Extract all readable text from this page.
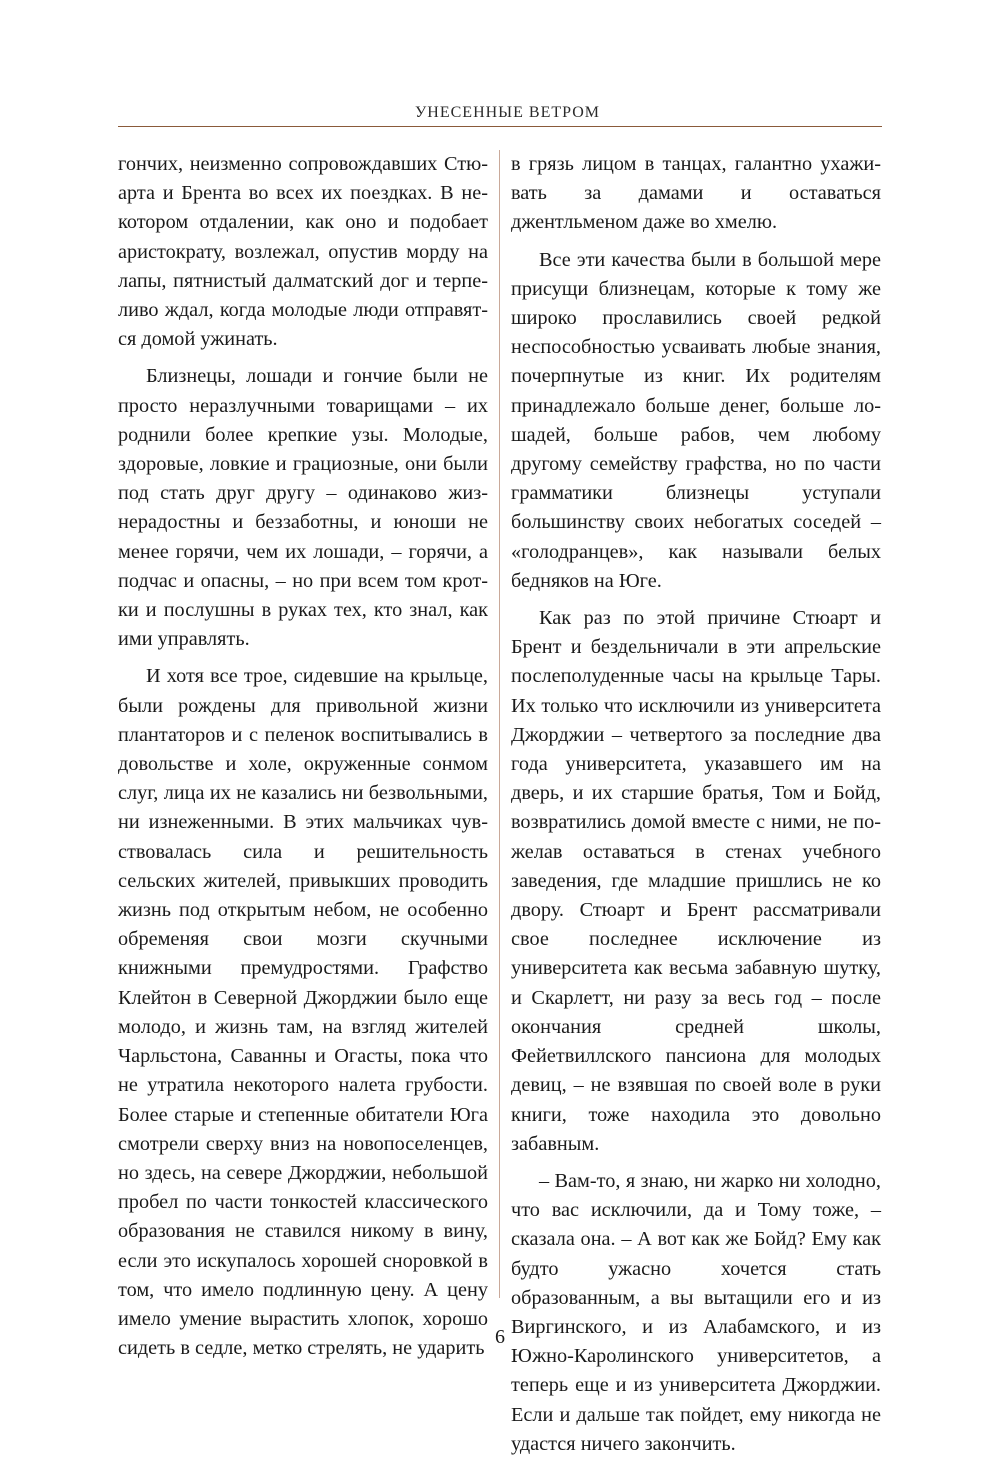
УНЕСЕННЫЕ ВЕТРОМ

гончих, неизменно сопровождавших Стюарта и Брента во всех их поездках. В некотором отдалении, как оно и подобает аристократу, возлежал, опустив морду на лапы, пятнистый далматский дог и терпеливо ждал, когда молодые люди отправятся домой ужинать.

Близнецы, лошади и гончие были не просто неразлучными товарищами – их роднили более крепкие узы. Молодые, здоровые, ловкие и грациозные, они были под стать друг другу – одинаково жизнерадостны и беззаботны, и юноши не менее горячи, чем их лошади, – горячи, а подчас и опасны, – но при всем том кротки и послушны в руках тех, кто знал, как ими управлять.

И хотя все трое, сидевшие на крыльце, были рождены для привольной жизни плантаторов и с пеленок воспитывались в довольстве и холе, окруженные сонмом слуг, лица их не казались ни безвольными, ни изнеженными. В этих мальчиках чувствовалась сила и решительность сельских жителей, привыкших проводить жизнь под открытым небом, не особенно обременяя свои мозги скучными книжными премудростями. Графство Клейтон в Северной Джорджии было еще молодо, и жизнь там, на взгляд жителей Чарльстона, Саванны и Огасты, пока что не утратила некоторого налета грубости. Более старые и степенные обитатели Юга смотрели сверху вниз на новопоселенцев, но здесь, на севере Джорджии, небольшой пробел по части тонкостей классического образования не ставился никому в вину, если это искупалось хорошей сноровкой в том, что имело подлинную цену. А цену имело умение вырастить хлопок, хорошо сидеть в седле, метко стрелять, не ударить

в грязь лицом в танцах, галантно ухаживать за дамами и оставаться джентльменом даже во хмелю.

Все эти качества были в большой мере присущи близнецам, которые к тому же широко прославились своей редкой неспособностью усваивать любые знания, почерпнутые из книг. Их родителям принадлежало больше денег, больше лошадей, больше рабов, чем любому другому семейству графства, но по части грамматики близнецы уступали большинству своих небогатых соседей – «голодранцев», как называли белых бедняков на Юге.

Как раз по этой причине Стюарт и Брент и бездельничали в эти апрельские послеполуденные часы на крыльце Тары. Их только что исключили из университета Джорджии – четвертого за последние два года университета, указавшего им на дверь, и их старшие братья, Том и Бойд, возвратились домой вместе с ними, не пожелав оставаться в стенах учебного заведения, где младшие пришлись не ко двору. Стюарт и Брент рассматривали свое последнее исключение из университета как весьма забавную шутку, и Скарлетт, ни разу за весь год – после окончания средней школы, Фейетвиллского пансиона для молодых девиц, – не взявшая по своей воле в руки книги, тоже находила это довольно забавным.

– Вам-то, я знаю, ни жарко ни холодно, что вас исключили, да и Тому тоже, – сказала она. – А вот как же Бойд? Ему как будто ужасно хочется стать образованным, а вы вытащили его и из Виргинского, и из Алабамского, и из Южно-Каролинского университетов, а теперь еще и из университета Джорджии. Если и дальше так пойдет, ему никогда не удастся ничего закончить.

6
